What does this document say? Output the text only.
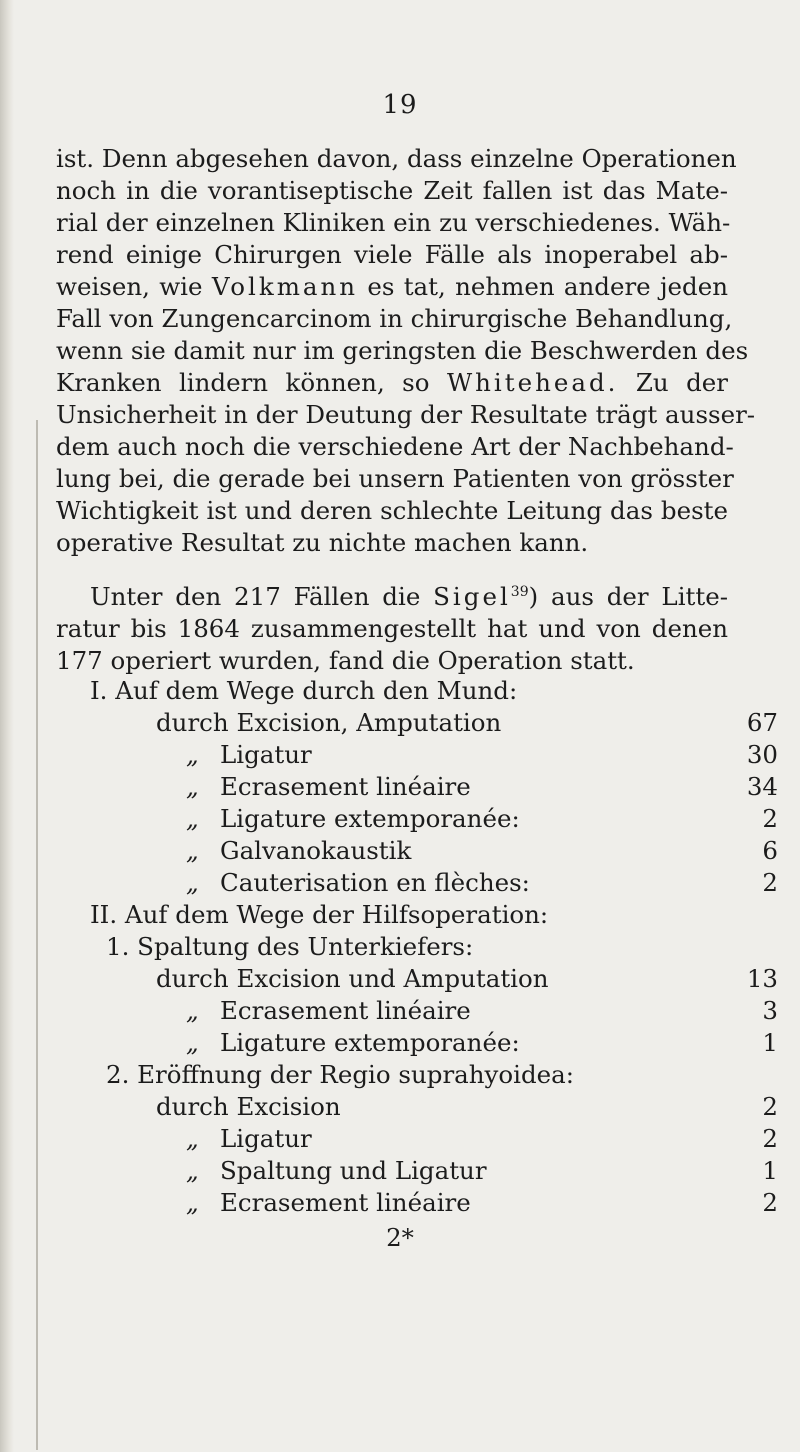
19
ist. Denn abgesehen davon, dass einzelne Operationen
noch in die vorantiseptische Zeit fallen ist das Mate-
rial der einzelnen Kliniken ein zu verschiedenes. Wäh-
rend einige Chirurgen viele Fälle als inoperabel ab-
weisen, wie Volkmann es tat, nehmen andere jeden
Fall von Zungencarcinom in chirurgische Behandlung,
wenn sie damit nur im geringsten die Beschwerden des
Kranken lindern können, so Whitehead. Zu der
Unsicherheit in der Deutung der Resultate trägt ausser-
dem auch noch die verschiedene Art der Nachbehand-
lung bei, die gerade bei unsern Patienten von grösster
Wichtigkeit ist und deren schlechte Leitung das beste
operative Resultat zu nichte machen kann.
Unter den 217 Fällen die Sigel$^{39}$) aus der Litte-
ratur bis 1864 zusammengestellt hat und von denen
177 operiert wurden, fand die Operation statt.
I. Auf dem Wege durch den Mund:
durch Excision, Amputation	67
„ Ligatur	30
„ Ecrasement linéaire	34
„ Ligature extemporanée:	2
„ Galvanokaustik	6
„ Cauterisation en flèches:	2
II. Auf dem Wege der Hilfsoperation:
1. Spaltung des Unterkiefers:
durch Excision und Amputation	13
„ Ecrasement linéaire	3
„ Ligature extemporanée:	1
2. Eröffnung der Regio suprahyoidea:
durch Excision	2
„ Ligatur	2
„ Spaltung und Ligatur	1
„ Ecrasement linéaire	2
2*
